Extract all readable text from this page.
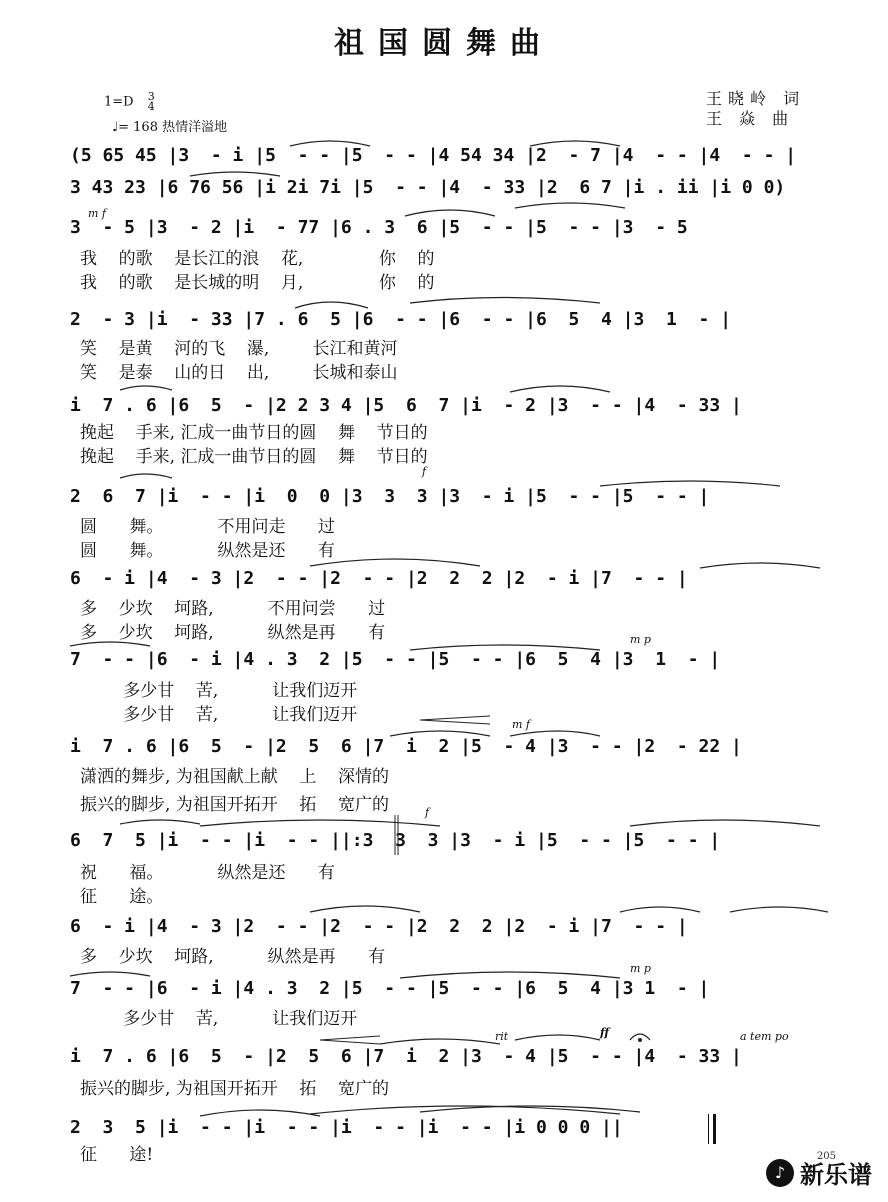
祖国圆舞曲
1=D 3
4
♩= 168 热情洋溢地
王晓岭 词
王 焱 曲
m f
f
m p
m f
f
m p
rit	ff	a tem po
(5 65 45 |3  - i |5  - - |5  - - |4 54 34 |2  - 7 |4  - - |4  - - |
3 43 23 |6 76 56 |i 2i 7i |5  - - |4  - 33 |2  6 7 |i . ii |i 0 0)
3  - 5 |3  - 2 |i  - 77 |6 . 3  6 |5  - - |5  - - |3  - 5
我    的歌    是长江的浪    花,              你    的
我    的歌    是长城的明    月,              你    的
2  - 3 |i  - 33 |7 . 6  5 |6  - - |6  - - |6  5  4 |3  1  - |
笑    是黄    河的飞    瀑,        长江和黄河
笑    是泰    山的日    出,        长城和泰山
i  7 . 6 |6  5  - |2 2 3 4 |5  6  7 |i  - 2 |3  - - |4  - 33 |
挽起    手来, 汇成一曲节日的圆    舞    节日的
挽起    手来, 汇成一曲节日的圆    舞    节日的
2  6  7 |i  - - |i  0  0 |3  3  3 |3  - i |5  - - |5  - - |
圆      舞。          不用问走      过
圆      舞。          纵然是还      有
6  - i |4  - 3 |2  - - |2  - - |2  2  2 |2  - i |7  - - |
多    少坎    坷路,          不用问尝      过
多    少坎    坷路,          纵然是再      有
7  - - |6  - i |4 . 3  2 |5  - - |5  - - |6  5  4 |3  1  - |
多少甘    苦,          让我们迈开
多少甘    苦,          让我们迈开
i  7 . 6 |6  5  - |2  5  6 |7  i  2 |5  - 4 |3  - - |2  - 22 |
潇洒的舞步, 为祖国献上献    上    深情的
振兴的脚步, 为祖国开拓开    拓    宽广的
6  7  5 |i  - - |i  - - ||:3  3  3 |3  - i |5  - - |5  - - |
祝      福。          纵然是还      有
征      途。
6  - i |4  - 3 |2  - - |2  - - |2  2  2 |2  - i |7  - - |
多    少坎    坷路,          纵然是再      有
7  - - |6  - i |4 . 3  2 |5  - - |5  - - |6  5  4 |3 1  - |
多少甘    苦,          让我们迈开
i  7 . 6 |6  5  - |2  5  6 |7  i  2 |3  - 4 |5  - - |4  - 33 |
振兴的脚步, 为祖国开拓开    拓    宽广的
2  3  5 |i  - - |i  - - |i  - - |i  - - |i 0 0 0 ||
征      途!	205
♪ 新乐谱
